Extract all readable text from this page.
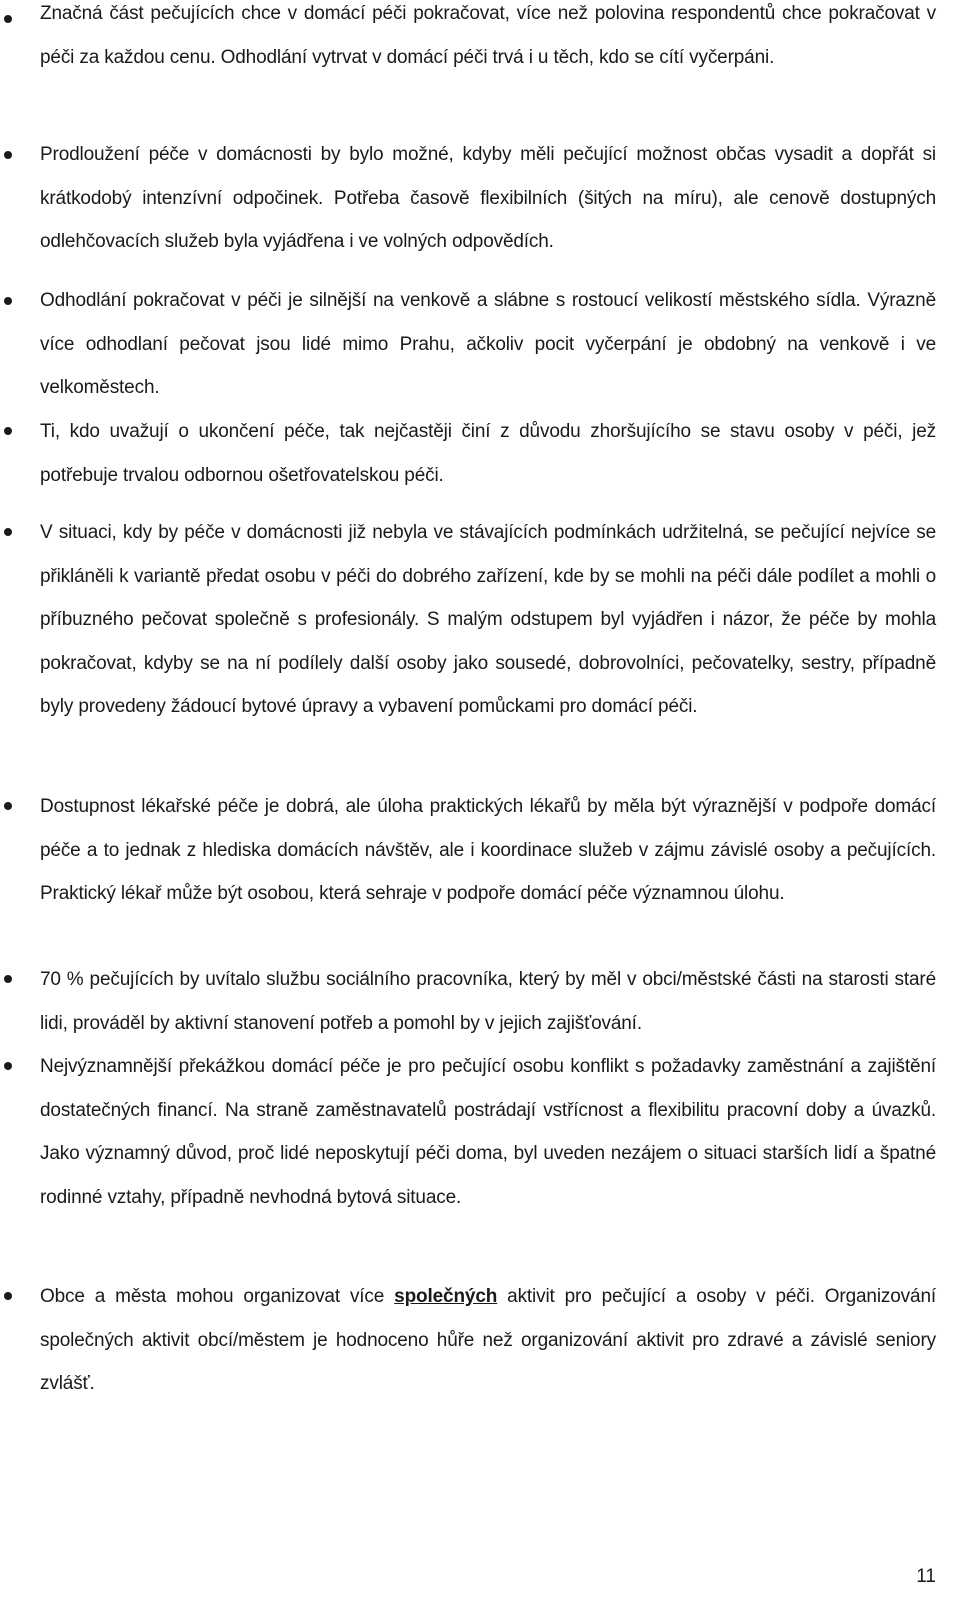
Značná část pečujících chce v domácí péči pokračovat, více než polovina respondentů chce pokračovat v péči za každou cenu. Odhodlání vytrvat v domácí péči trvá i u těch, kdo se cítí vyčerpáni.

Prodloužení péče v domácnosti by bylo možné, kdyby měli pečující možnost občas vysadit a dopřát si krátkodobý intenzívní odpočinek. Potřeba časově flexibilních (šitých na míru), ale cenově dostupných odlehčovacích služeb byla vyjádřena i ve volných odpovědích.

Odhodlání pokračovat v péči je silnější na venkově a slábne s rostoucí velikostí městského sídla. Výrazně více odhodlaní pečovat jsou lidé mimo Prahu, ačkoliv pocit vyčerpání je obdobný na venkově i ve velkoměstech.

Ti, kdo uvažují o ukončení péče, tak nejčastěji činí z důvodu zhoršujícího se stavu osoby v péči, jež potřebuje trvalou odbornou ošetřovatelskou péči.

V situaci, kdy by péče v domácnosti již nebyla ve stávajících podmínkách udržitelná, se pečující nejvíce se přikláněli k variantě předat osobu v péči do dobrého zařízení, kde by se mohli na péči dále podílet a mohli o příbuzného pečovat společně s profesionály. S malým odstupem byl vyjádřen i názor, že péče by mohla pokračovat, kdyby se na ní podílely další osoby jako sousedé, dobrovolníci, pečovatelky, sestry, případně byly provedeny žádoucí bytové úpravy a vybavení pomůckami pro domácí péči.

Dostupnost lékařské péče je dobrá, ale úloha praktických lékařů by měla být výraznější v podpoře domácí péče a to jednak z hlediska domácích návštěv, ale i koordinace služeb v zájmu závislé osoby a pečujících. Praktický lékař může být osobou, která sehraje v podpoře domácí péče významnou úlohu.

70 % pečujících by uvítalo službu sociálního pracovníka, který by měl v obci/městské části na starosti staré lidi, prováděl by aktivní stanovení potřeb a pomohl by v jejich zajišťování.

Nejvýznamnější překážkou domácí péče je pro pečující osobu konflikt s požadavky zaměstnání a zajištění dostatečných financí. Na straně zaměstnavatelů postrádají vstřícnost a flexibilitu pracovní doby a úvazků. Jako významný důvod, proč lidé neposkytují péči doma, byl uveden nezájem o situaci starších lidí a špatné rodinné vztahy, případně nevhodná bytová situace.

Obce a města mohou organizovat více společných aktivit pro pečující a osoby v péči. Organizování společných aktivit obcí/městem je hodnoceno hůře než organizování aktivit pro zdravé a závislé seniory zvlášť.

11
